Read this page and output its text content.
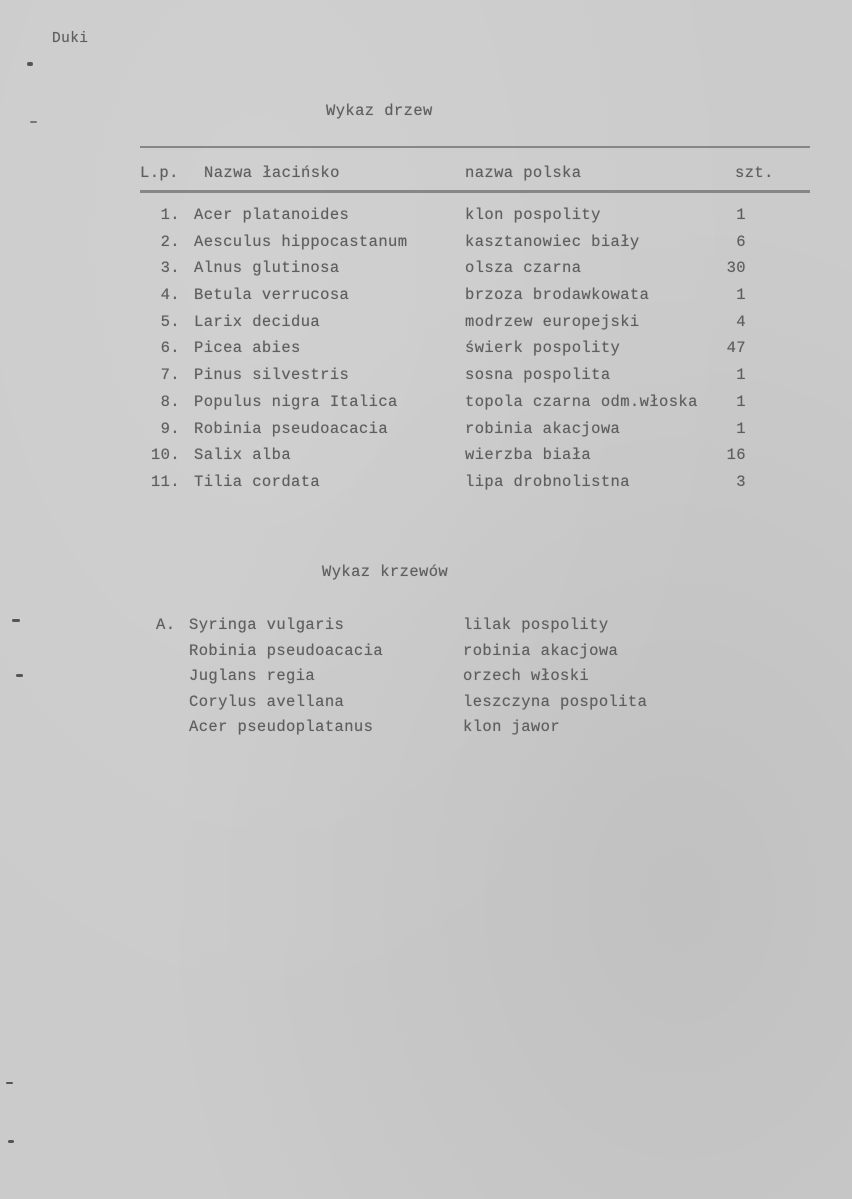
Duki
Wykaz drzew
L.p. Nazwa łacińsko	nazwa polska	szt.
1. Acer platanoides	klon pospolity	1
2. Aesculus hippocastanum	kasztanowiec biały	6
3. Alnus glutinosa	olsza czarna	30
4. Betula verrucosa	brzoza brodawkowata	1
5. Larix decidua	modrzew europejski	4
6. Picea abies	świerk pospolity	47
7. Pinus silvestris	sosna pospolita	1
8. Populus nigra Italica	topola czarna odm.włoska	1
9. Robinia pseudoacacia	robinia akacjowa	1
10. Salix alba	wierzba biała	16
11. Tilia cordata	lipa drobnolistna	3
Wykaz krzewów
A. Syringa vulgaris	lilak pospolity
Robinia pseudoacacia	robinia akacjowa
Juglans regia	orzech włoski
Corylus avellana	leszczyna pospolita
Acer pseudoplatanus	klon jawor
